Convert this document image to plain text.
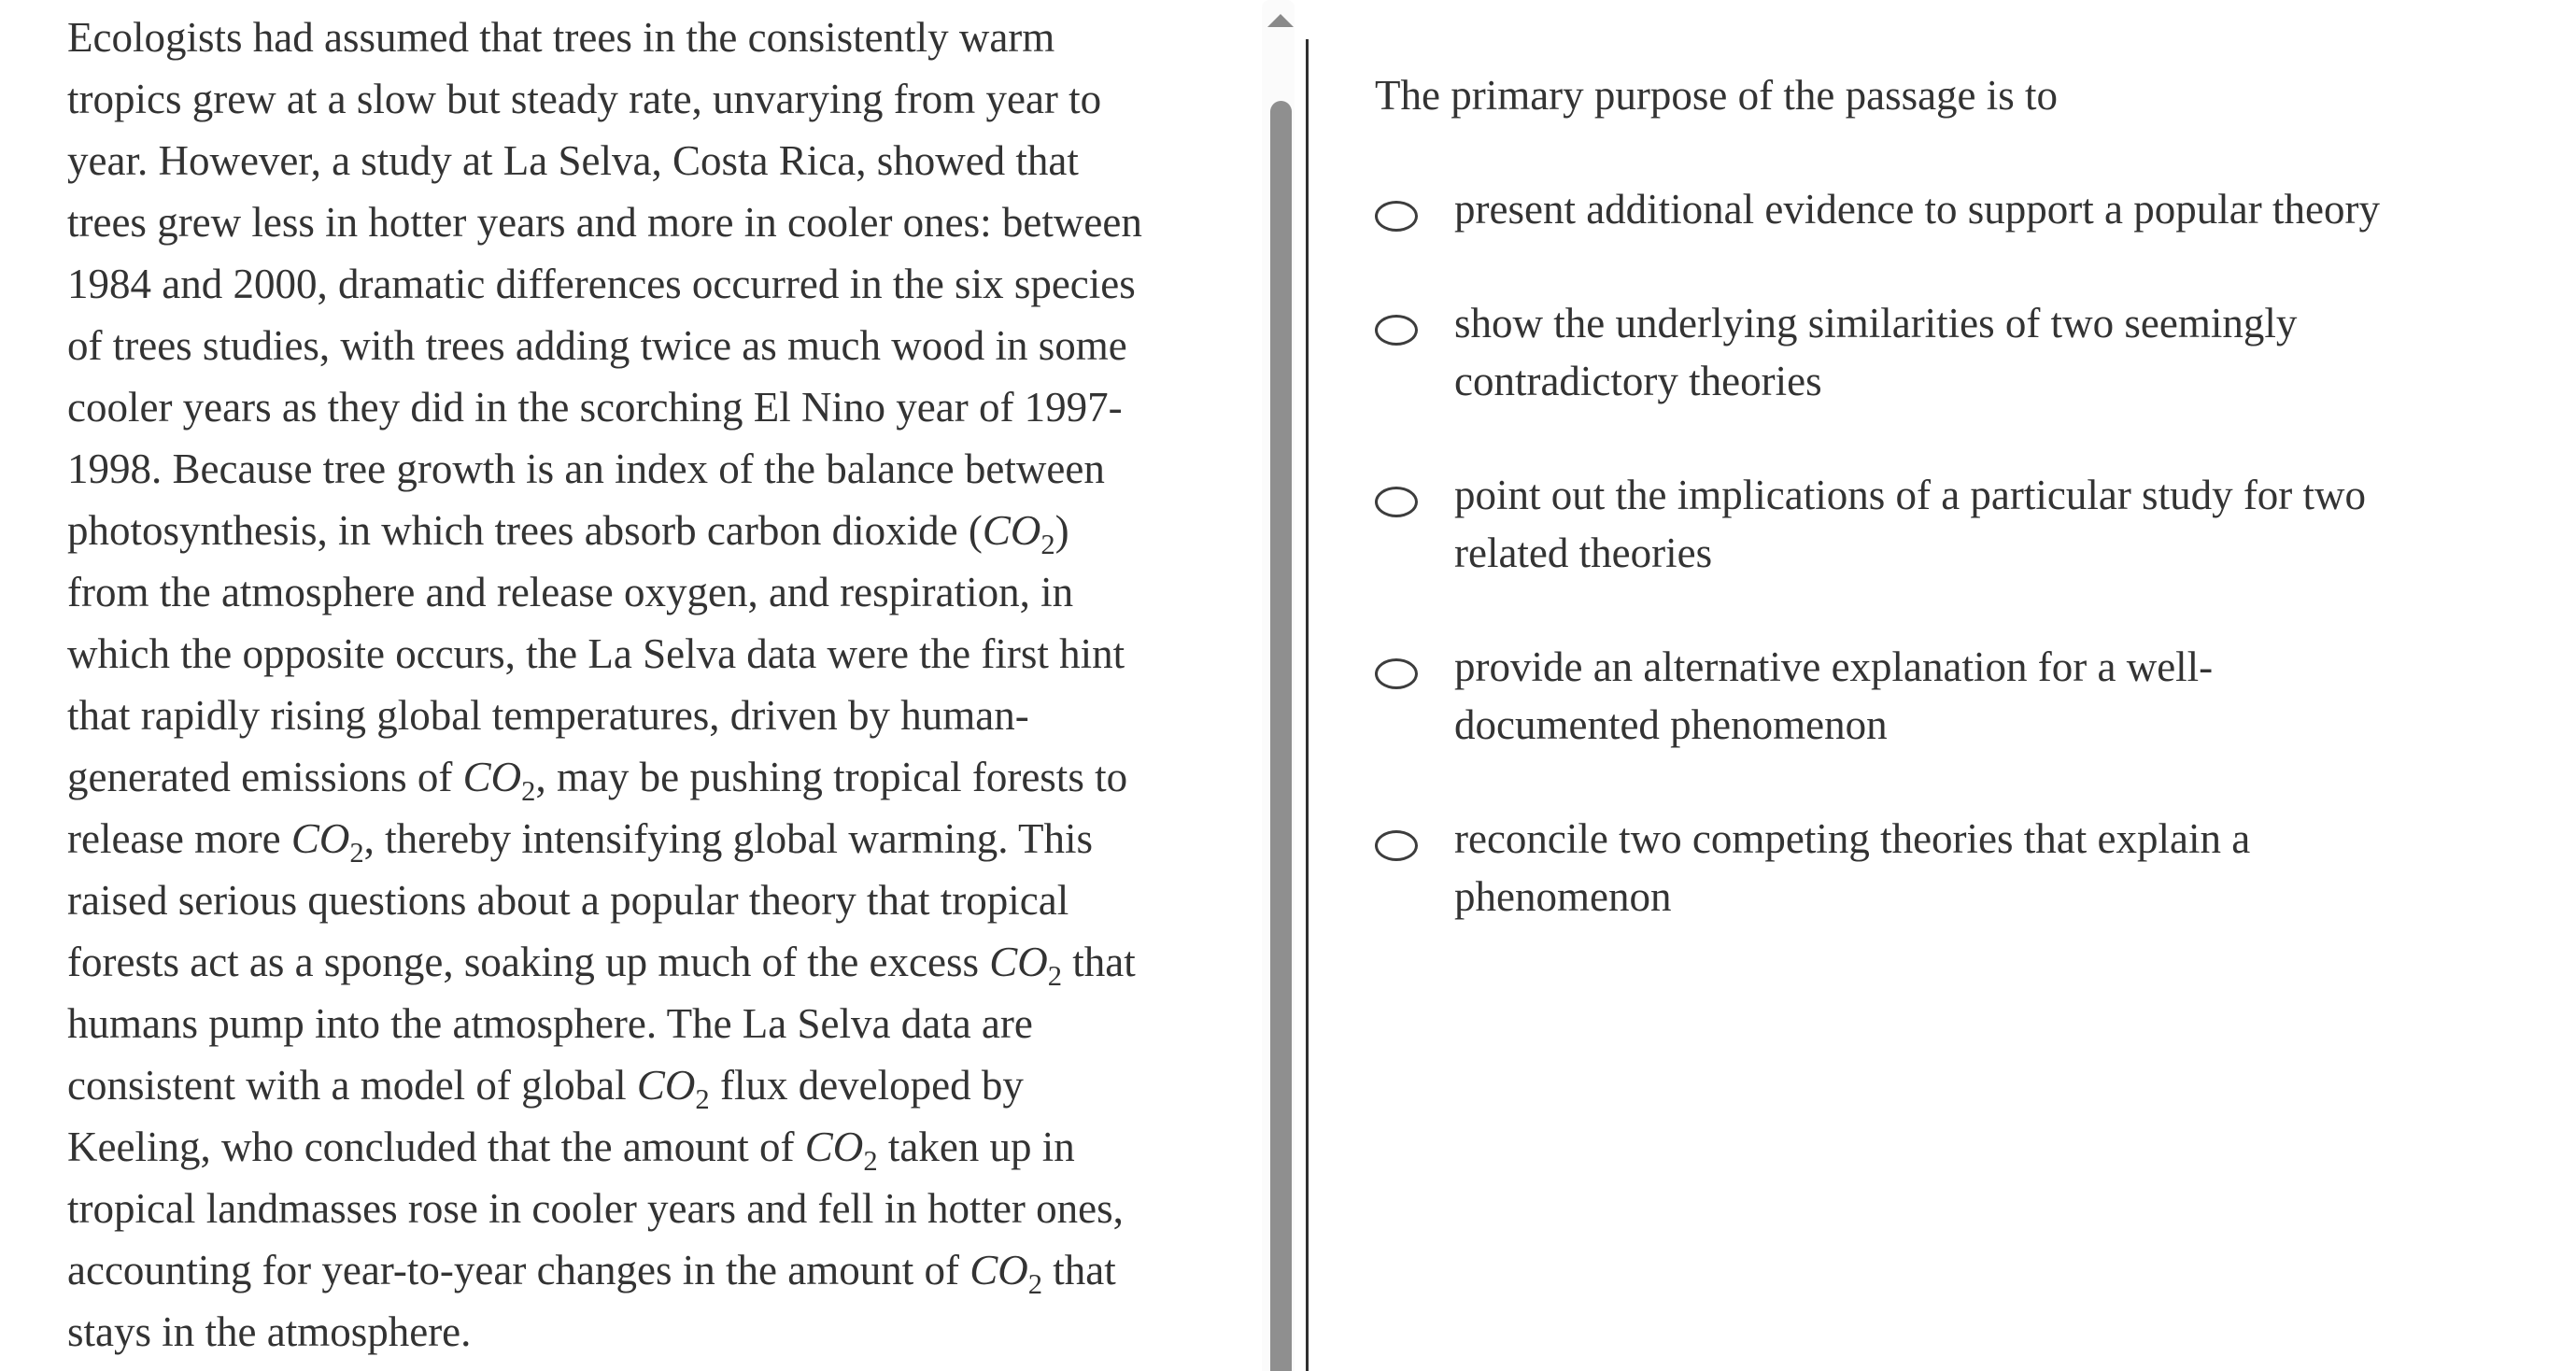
Ecologists had assumed that trees in the consistently warm
tropics grew at a slow but steady rate, unvarying from year to
year. However, a study at La Selva, Costa Rica, showed that
trees grew less in hotter years and more in cooler ones: between
1984 and 2000, dramatic differences occurred in the six species
of trees studies, with trees adding twice as much wood in some
cooler years as they did in the scorching El Nino year of 1997-
1998. Because tree growth is an index of the balance between
photosynthesis, in which trees absorb carbon dioxide $(CO_2)$
from the atmosphere and release oxygen, and respiration, in
which the opposite occurs, the La Selva data were the first hint
that rapidly rising global temperatures, driven by human-
generated emissions of $CO_2$, may be pushing tropical forests to
release more $CO_2$, thereby intensifying global warming. This
raised serious questions about a popular theory that tropical
forests act as a sponge, soaking up much of the excess $CO_2$ that
humans pump into the atmosphere. The La Selva data are
consistent with a model of global $CO_2$ flux developed by
Keeling, who concluded that the amount of $CO_2$ taken up in
tropical landmasses rose in cooler years and fell in hotter ones,
accounting for year-to-year changes in the amount of $CO_2$ that
stays in the atmosphere.
The primary purpose of the passage is to
present additional evidence to support a popular theory
show the underlying similarities of two seemingly
contradictory theories
point out the implications of a particular study for two
related theories
provide an alternative explanation for a well-
documented phenomenon
reconcile two competing theories that explain a
phenomenon
